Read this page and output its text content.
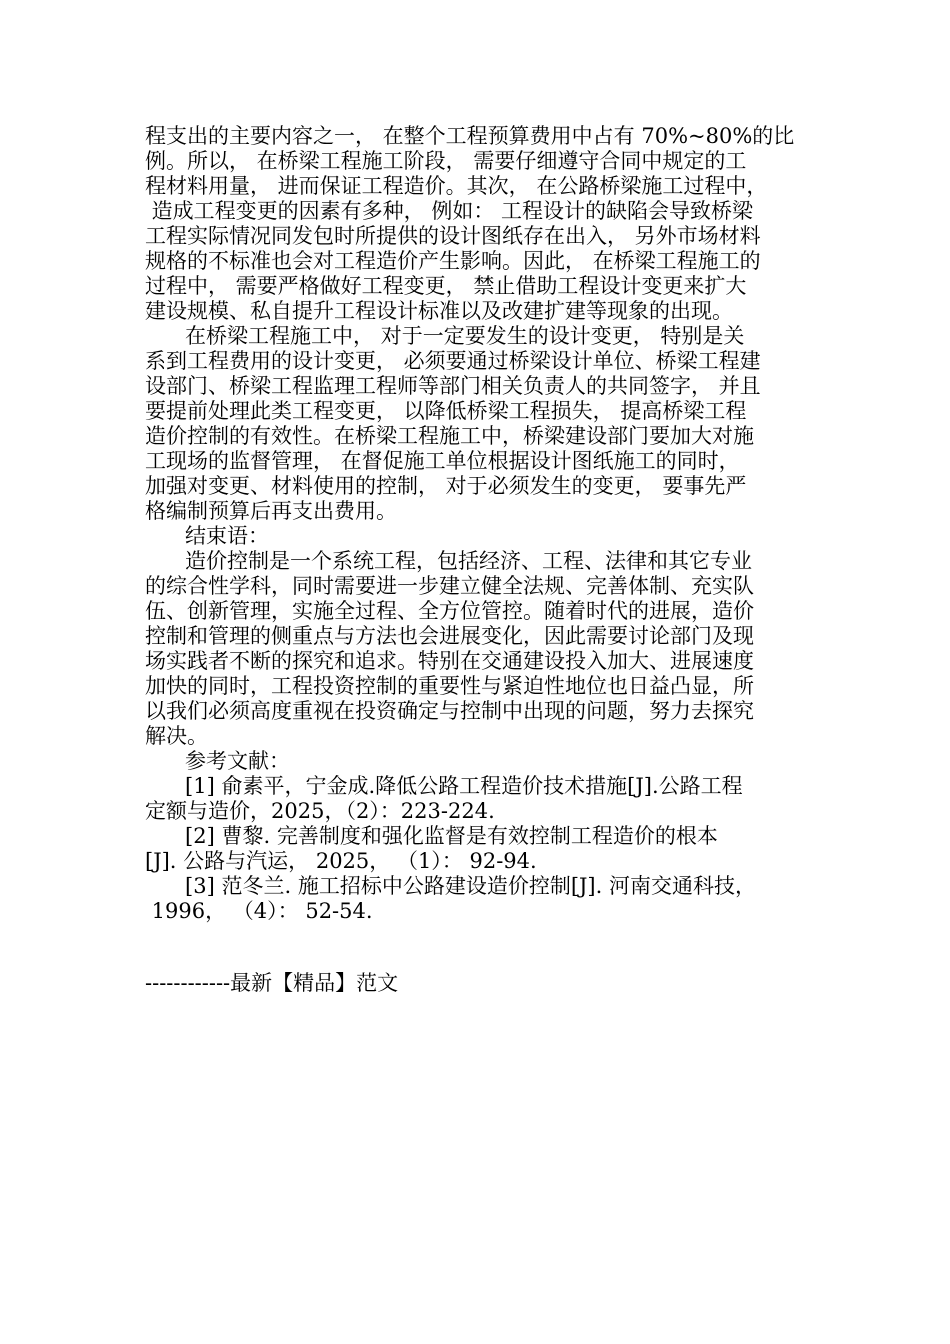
程支出的主要内容之一， 在整个工程预算费用中占有 70%~80%的比
例。所以， 在桥梁工程施工阶段， 需要仔细遵守合同中规定的工
程材料用量， 进而保证工程造价。其次， 在公路桥梁施工过程中，
造成工程变更的因素有多种， 例如： 工程设计的缺陷会导致桥梁
工程实际情况同发包时所提供的设计图纸存在出入， 另外市场材料
规格的不标准也会对工程造价产生影响。因此， 在桥梁工程施工的
过程中， 需要严格做好工程变更， 禁止借助工程设计变更来扩大
建设规模、私自提升工程设计标准以及改建扩建等现象的出现。
在桥梁工程施工中， 对于一定要发生的设计变更， 特别是关
系到工程费用的设计变更， 必须要通过桥梁设计单位、桥梁工程建
设部门、桥梁工程监理工程师等部门相关负责人的共同签字， 并且
要提前处理此类工程变更， 以降低桥梁工程损失， 提高桥梁工程
造价控制的有效性。在桥梁工程施工中，桥梁建设部门要加大对施
工现场的监督管理， 在督促施工单位根据设计图纸施工的同时，
加强对变更、材料使用的控制， 对于必须发生的变更， 要事先严
格编制预算后再支出费用。
结束语：
造价控制是一个系统工程，包括经济、工程、法律和其它专业
的综合性学科，同时需要进一步建立健全法规、完善体制、充实队
伍、创新管理，实施全过程、全方位管控。随着时代的进展，造价
控制和管理的侧重点与方法也会进展变化，因此需要讨论部门及现
场实践者不断的探究和追求。特别在交通建设投入加大、进展速度
加快的同时，工程投资控制的重要性与紧迫性地位也日益凸显，所
以我们必须高度重视在投资确定与控制中出现的问题，努力去探究
解决。
参考文献：
[1] 俞素平，宁金成.降低公路工程造价技术措施[J].公路工程
定额与造价，2025，（2）：223-224.
[2] 曹黎. 完善制度和强化监督是有效控制工程造价的根本
[J]. 公路与汽运， 2025， （1）： 92-94.
[3] 范冬兰. 施工招标中公路建设造价控制[J]. 河南交通科技，
1996， （4）： 52-54.
------------最新【精品】范文
